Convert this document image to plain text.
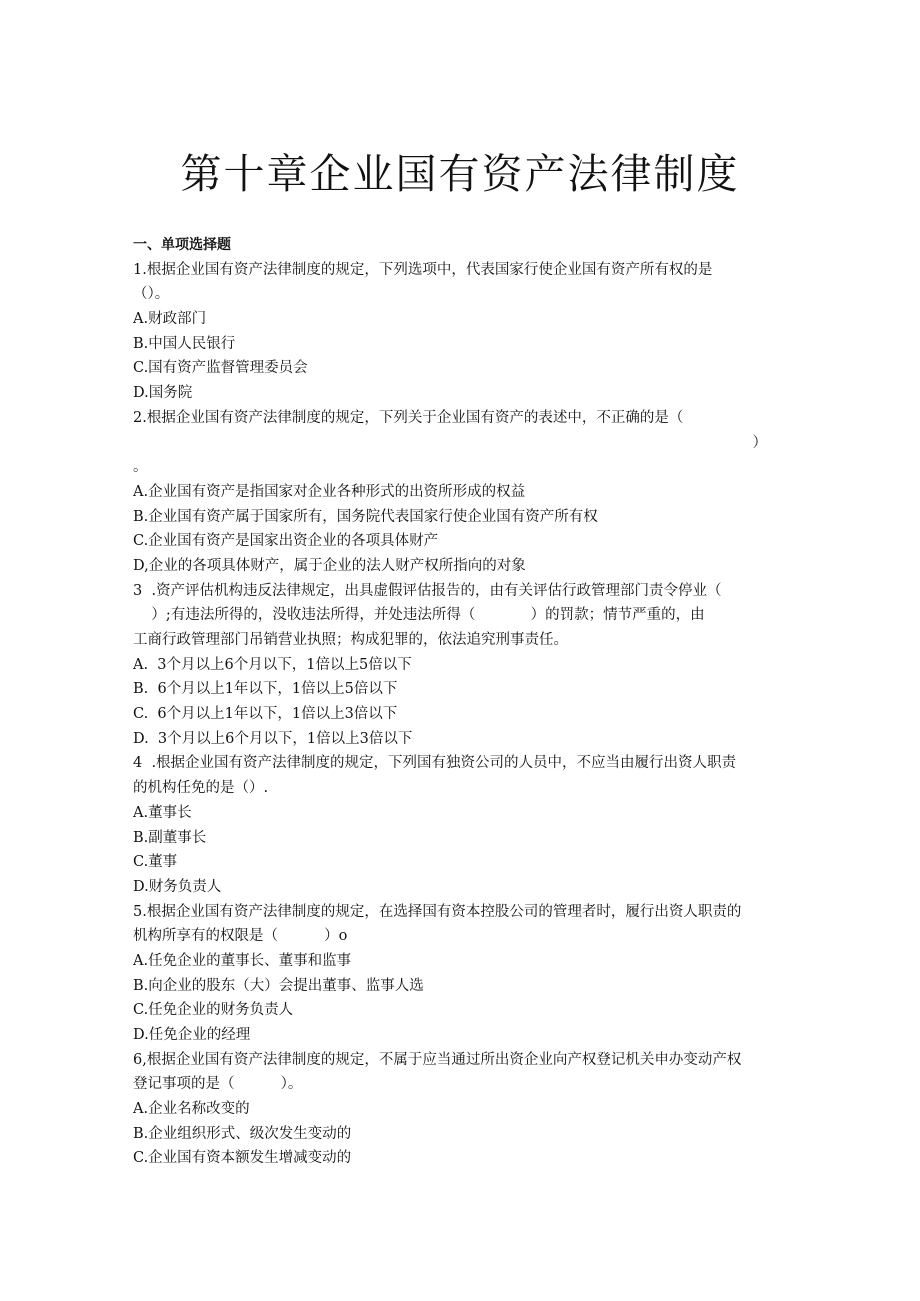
第十章企业国有资产法律制度
一、单项选择题
1.根据企业国有资产法律制度的规定，下列选项中，代表国家行使企业国有资产所有权的是
（）。
A.财政部门
B.中国人民银行
C.国有资产监督管理委员会
D.国务院
2.根据企业国有资产法律制度的规定，下列关于企业国有资产的表述中，不正确的是（
）
。
A.企业国有资产是指国家对企业各种形式的出资所形成的权益
B.企业国有资产属于国家所有，国务院代表国家行使企业国有资产所有权
C.企业国有资产是国家出资企业的各项具体财产
D,企业的各项具体财产，属于企业的法人财产权所指向的对象
3  .资产评估机构违反法律规定，出具虚假评估报告的，由有关评估行政管理部门责令停业（
）;有违法所得的，没收违法所得，并处违法所得（            ）的罚款；情节严重的，由
工商行政管理部门吊销营业执照；构成犯罪的，依法追究刑事责任。
A.  3个月以上6个月以下，1倍以上5倍以下
B.  6个月以上1年以下，1倍以上5倍以下
C.  6个月以上1年以下，1倍以上3倍以下
D.  3个月以上6个月以下，1倍以上3倍以下
4  .根据企业国有资产法律制度的规定，下列国有独资公司的人员中，不应当由履行出资人职责
的机构任免的是（）.
A.董事长
B.副董事长
C.董事
D.财务负责人
5.根据企业国有资产法律制度的规定，在选择国有资本控股公司的管理者时，履行出资人职责的
机构所享有的权限是（          ）o
A.任免企业的董事长、董事和监事
B.向企业的股东（大）会提出董事、监事人选
C.任免企业的财务负责人
D.任免企业的经理
6,根据企业国有资产法律制度的规定，不属于应当通过所出资企业向产权登记机关申办变动产权
登记事项的是（          ）。
A.企业名称改变的
B.企业组织形式、级次发生变动的
C.企业国有资本额发生增减变动的
